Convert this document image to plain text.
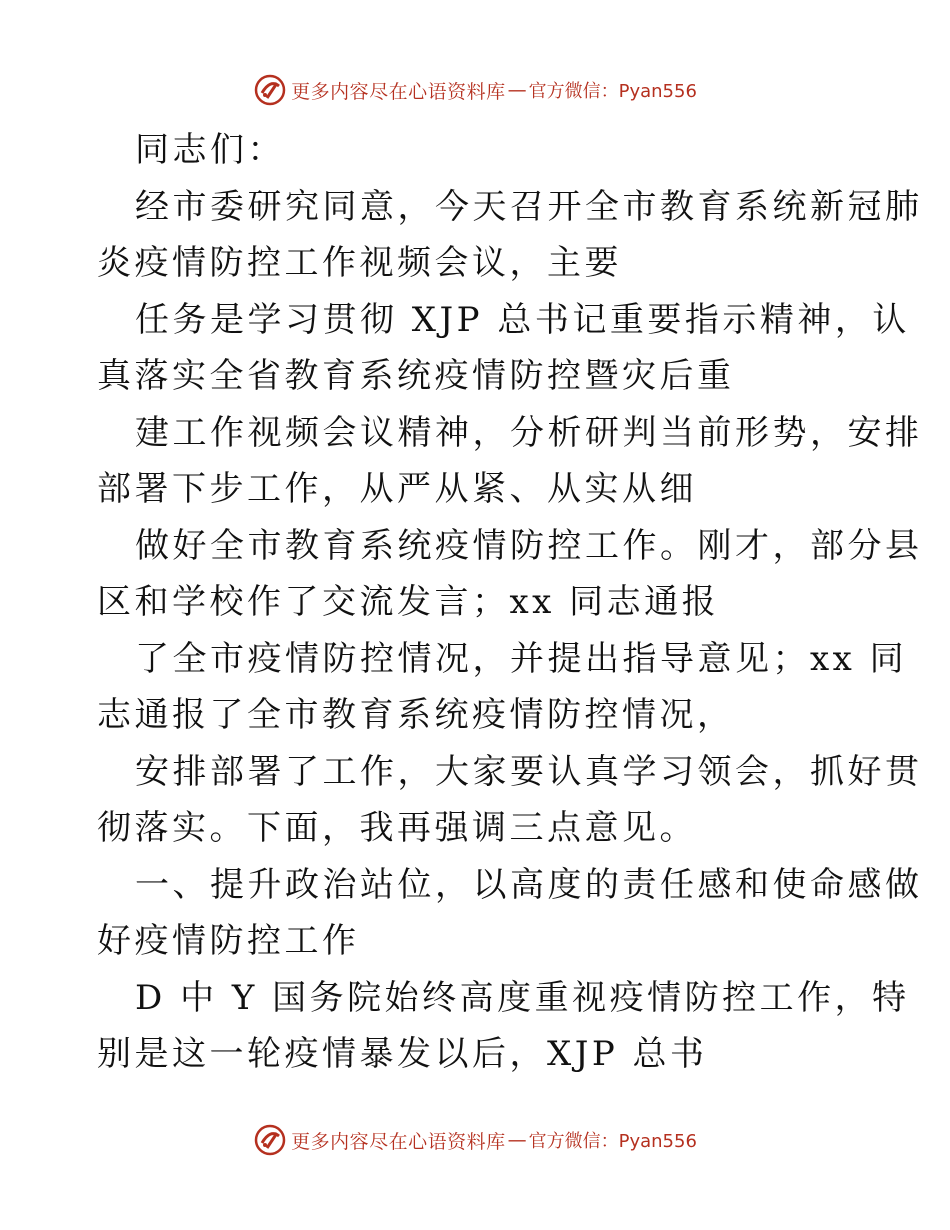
更多内容尽在心语资料库 — 官方微信：Pyan556
同志们：
经市委研究同意，今天召开全市教育系统新冠肺
炎疫情防控工作视频会议，主要
任务是学习贯彻 XJP 总书记重要指示精神，认
真落实全省教育系统疫情防控暨灾后重
建工作视频会议精神，分析研判当前形势，安排
部署下步工作，从严从紧、从实从细
做好全市教育系统疫情防控工作。刚才，部分县
区和学校作了交流发言；xx 同志通报
了全市疫情防控情况，并提出指导意见；xx 同
志通报了全市教育系统疫情防控情况，
安排部署了工作，大家要认真学习领会，抓好贯
彻落实。下面，我再强调三点意见。
一、提升政治站位，以高度的责任感和使命感做
好疫情防控工作
D 中 Y 国务院始终高度重视疫情防控工作，特
别是这一轮疫情暴发以后，XJP 总书
更多内容尽在心语资料库 — 官方微信：Pyan556
